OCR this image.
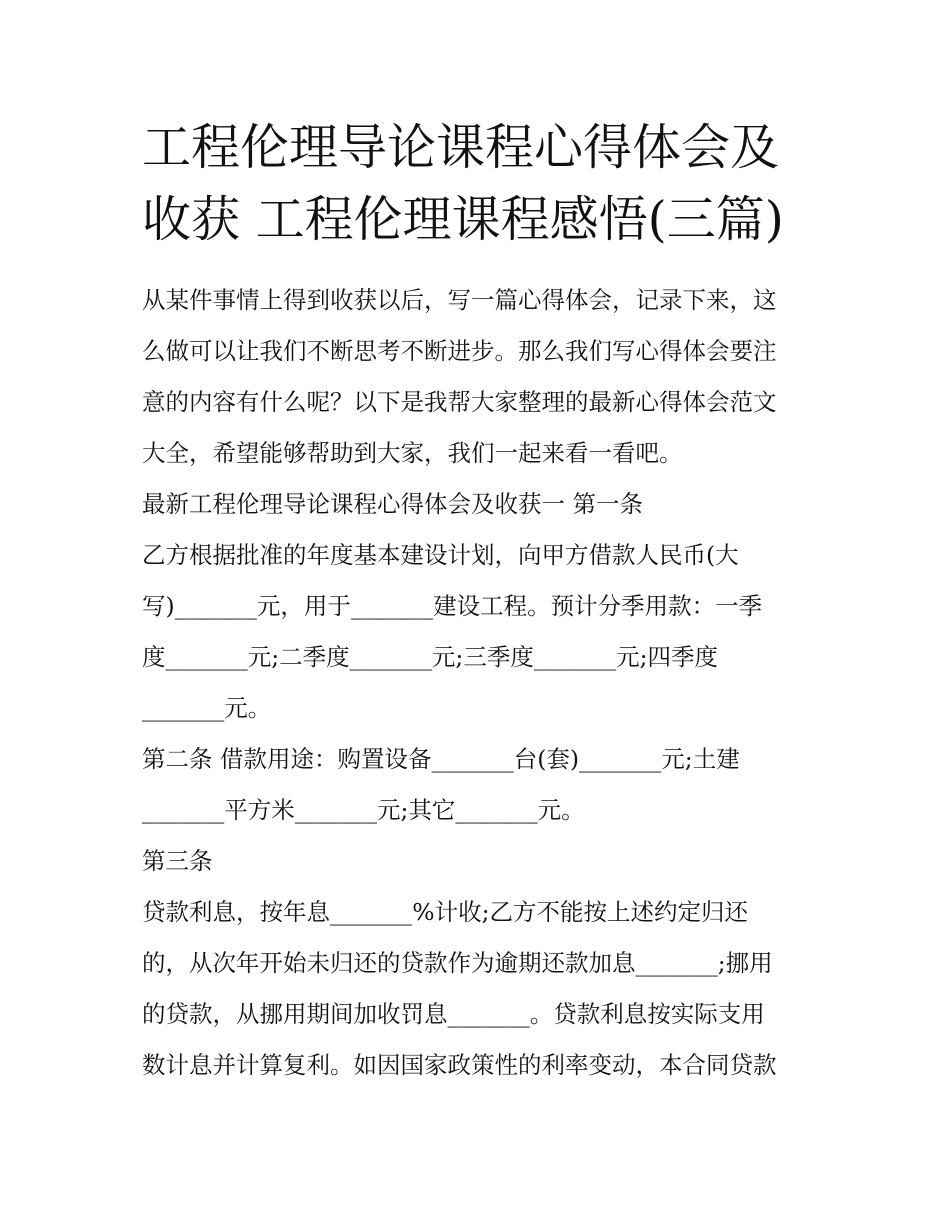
工程伦理导论课程心得体会及
收获 工程伦理课程感悟(三篇)
从某件事情上得到收获以后，写一篇心得体会，记录下来，这
么做可以让我们不断思考不断进步。那么我们写心得体会要注
意的内容有什么呢？以下是我帮大家整理的最新心得体会范文
大全，希望能够帮助到大家，我们一起来看一看吧。
最新工程伦理导论课程心得体会及收获一 第一条
乙方根据批准的年度基本建设计划，向甲方借款人民币(大
写)_______元，用于_______建设工程。预计分季用款：一季
度_______元;二季度_______元;三季度_______元;四季度
_______元。
第二条 借款用途：购置设备_______台(套)_______元;土建
_______平方米_______元;其它_______元。
第三条
贷款利息，按年息_______%计收;乙方不能按上述约定归还
的，从次年开始未归还的贷款作为逾期还款加息_______;挪用
的贷款，从挪用期间加收罚息_______。贷款利息按实际支用
数计息并计算复利。如因国家政策性的利率变动，本合同贷款
